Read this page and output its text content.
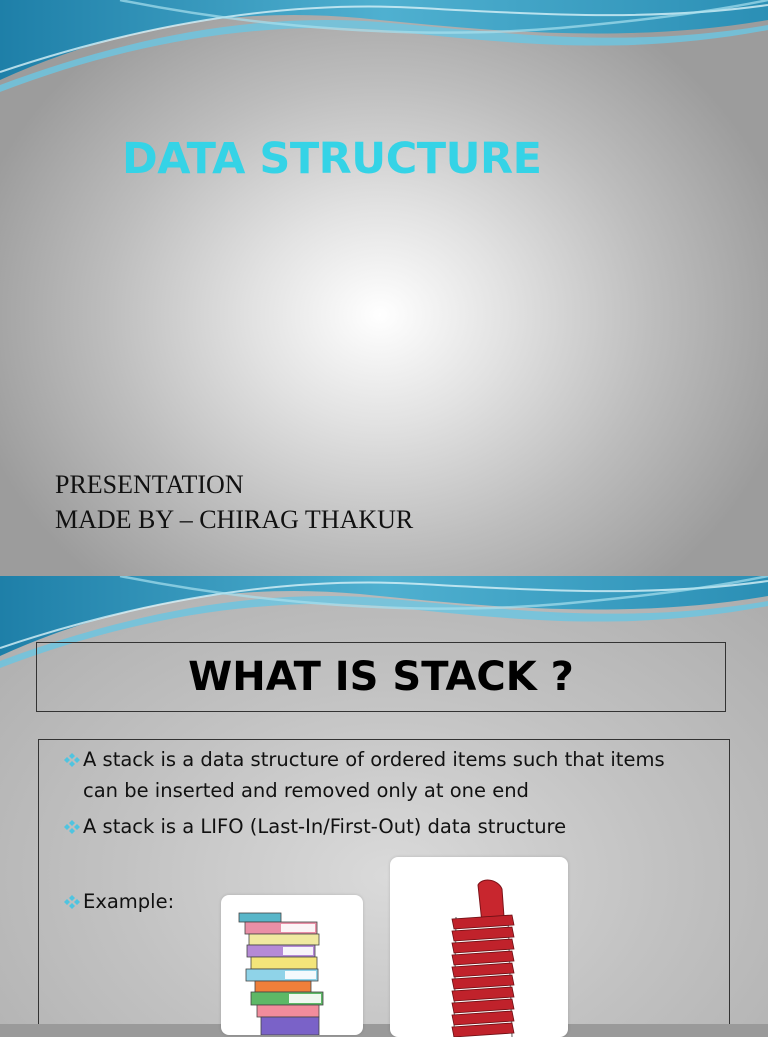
DATA STRUCTURE
PRESENTATION
MADE BY – CHIRAG THAKUR
WHAT IS STACK ?
A stack is a data structure of ordered items such that items
can be inserted and removed only at one end
A stack is a LIFO (Last-In/First-Out) data structure
Example:
